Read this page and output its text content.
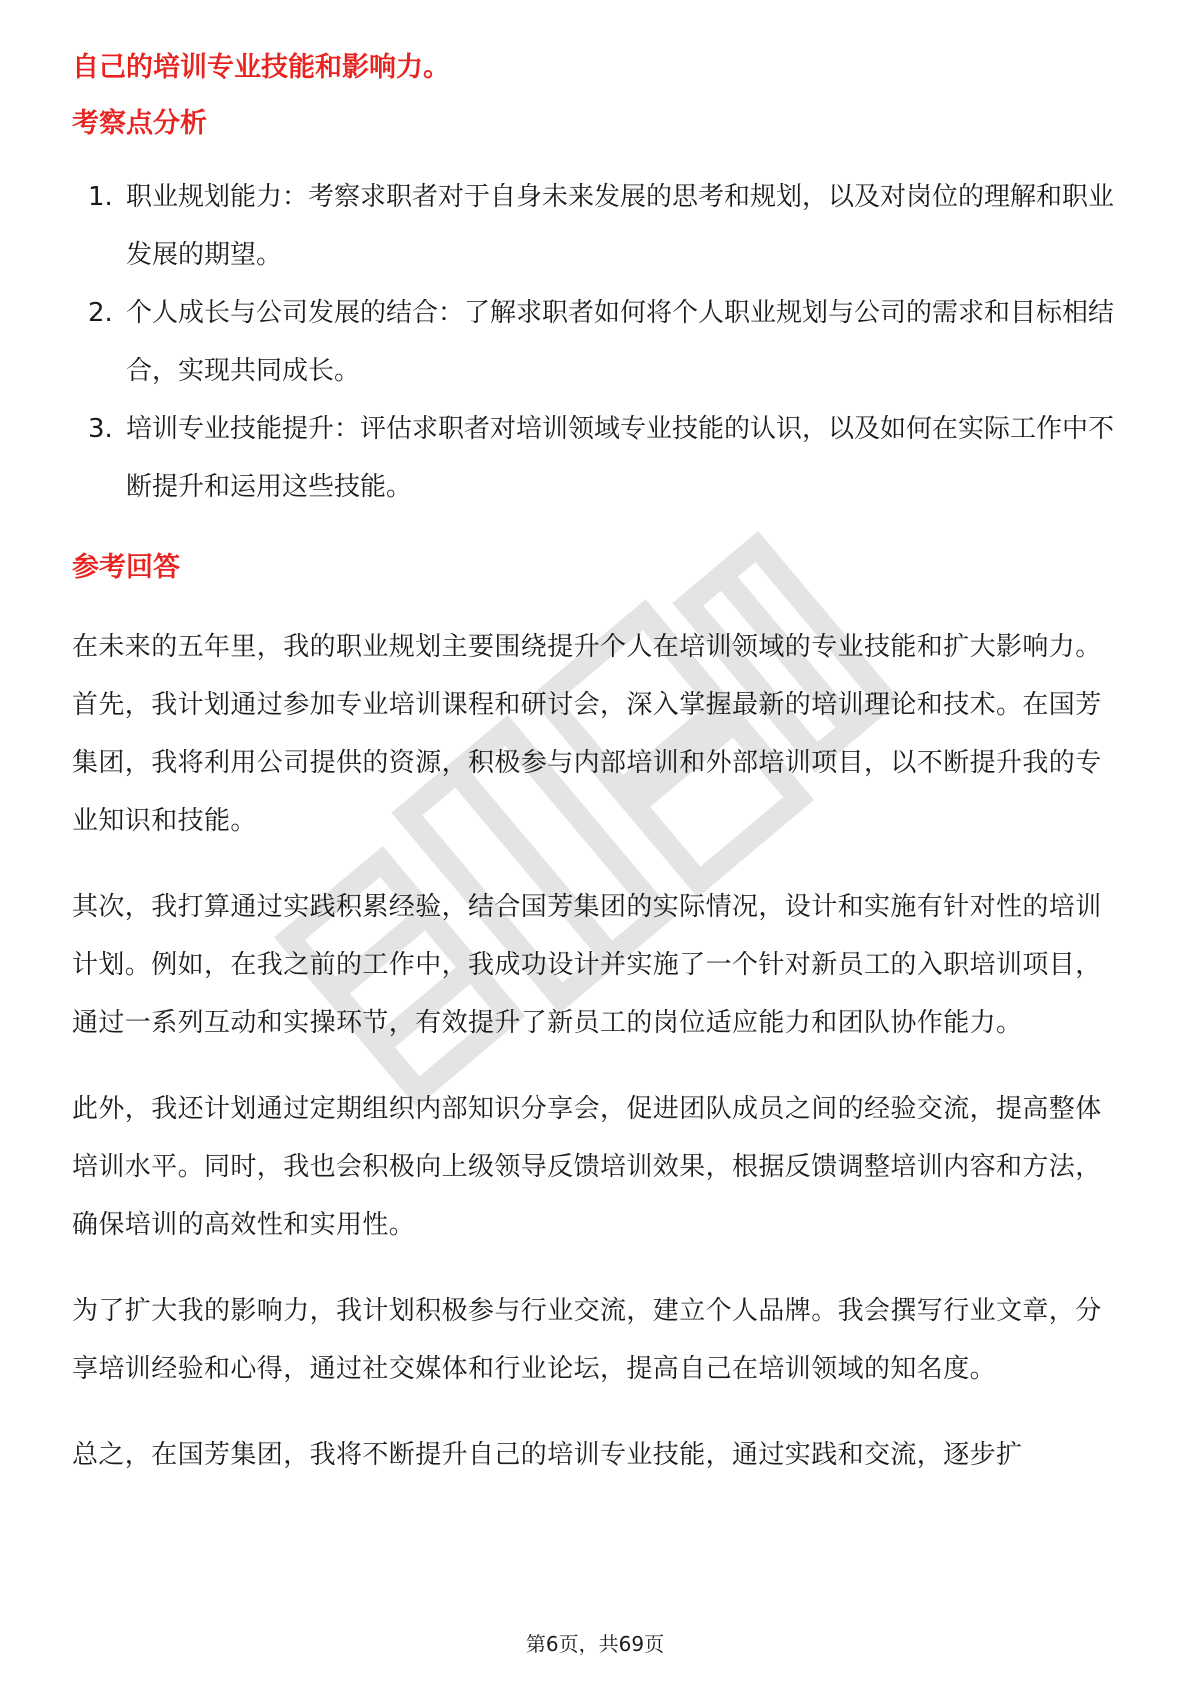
自己的培训专业技能和影响力。

考察点分析

1. 职业规划能力：考察求职者对于自身未来发展的思考和规划，以及对岗位的理解和职业发展的期望。
2. 个人成长与公司发展的结合：了解求职者如何将个人职业规划与公司的需求和目标相结合，实现共同成长。
3. 培训专业技能提升：评估求职者对培训领域专业技能的认识，以及如何在实际工作中不断提升和运用这些技能。

参考回答

在未来的五年里，我的职业规划主要围绕提升个人在培训领域的专业技能和扩大影响力。首先，我计划通过参加专业培训课程和研讨会，深入掌握最新的培训理论和技术。在国芳集团，我将利用公司提供的资源，积极参与内部培训和外部培训项目，以不断提升我的专业知识和技能。

其次，我打算通过实践积累经验，结合国芳集团的实际情况，设计和实施有针对性的培训计划。例如，在我之前的工作中，我成功设计并实施了一个针对新员工的入职培训项目，通过一系列互动和实操环节，有效提升了新员工的岗位适应能力和团队协作能力。

此外，我还计划通过定期组织内部知识分享会，促进团队成员之间的经验交流，提高整体培训水平。同时，我也会积极向上级领导反馈培训效果，根据反馈调整培训内容和方法，确保培训的高效性和实用性。

为了扩大我的影响力，我计划积极参与行业交流，建立个人品牌。我会撰写行业文章，分享培训经验和心得，通过社交媒体和行业论坛，提高自己在培训领域的知名度。

总之，在国芳集团，我将不断提升自己的培训专业技能，通过实践和交流，逐步扩

第6页，共69页
